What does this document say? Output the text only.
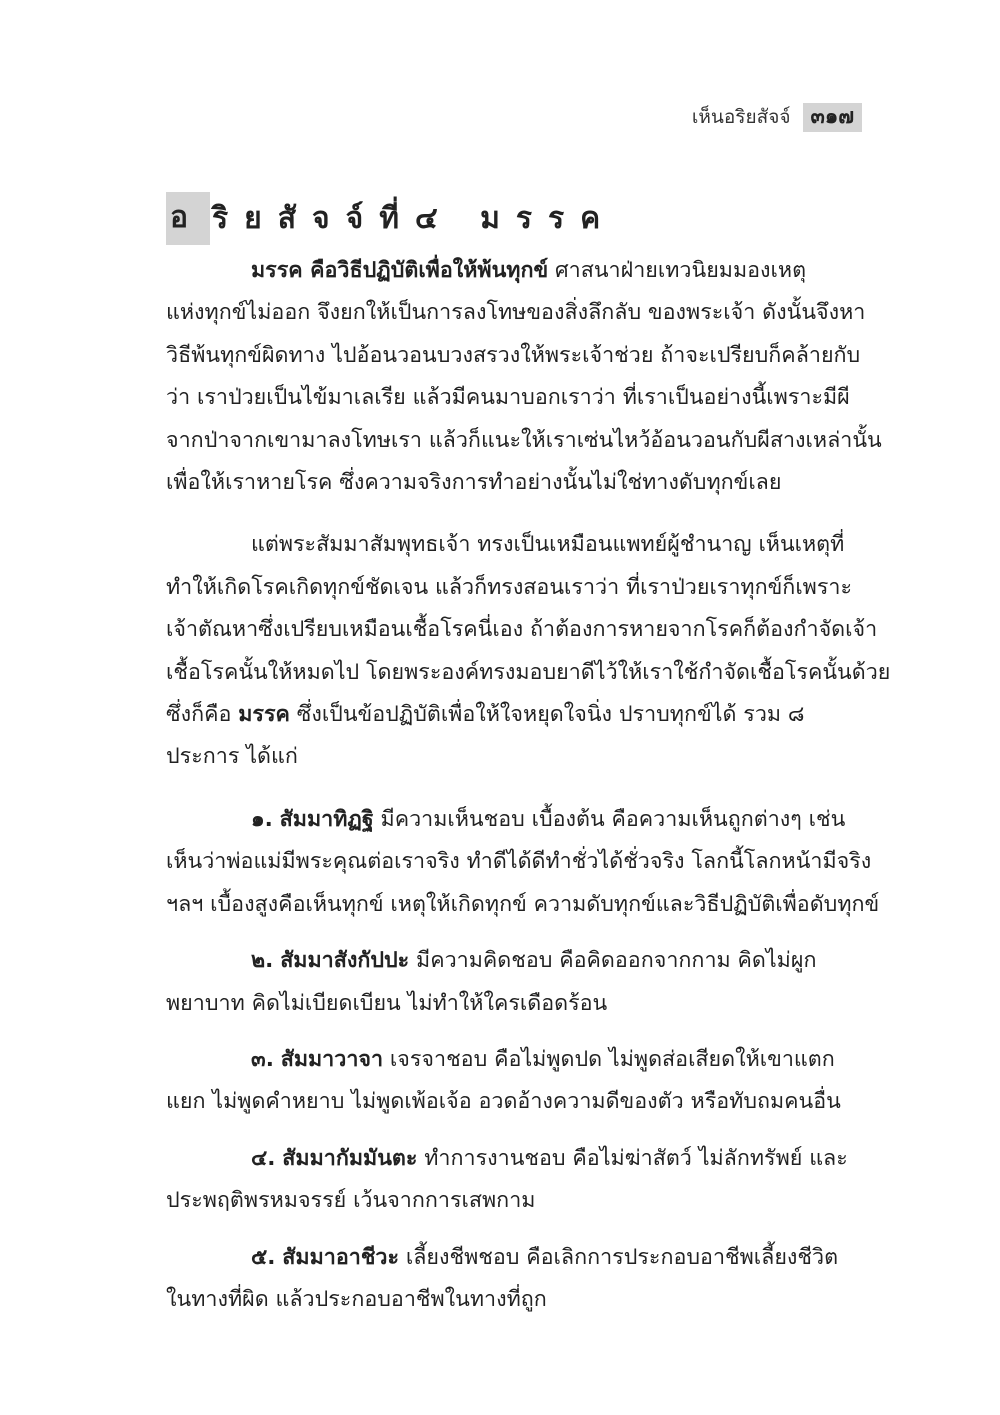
เห็นอริยสัจจ์ ๓๑๗
อ ริยสัจจ์ที่๔ มรรค

มรรค คือวิธีปฏิบัติเพื่อให้พ้นทุกข์ ศาสนาฝ่ายเทวนิยมมองเหตุ
แห่งทุกข์ไม่ออก จึงยกให้เป็นการลงโทษของสิ่งลึกลับ ของพระเจ้า ดังนั้นจึงหา
วิธีพ้นทุกข์ผิดทาง ไปอ้อนวอนบวงสรวงให้พระเจ้าช่วย ถ้าจะเปรียบก็คล้ายกับ
ว่า เราป่วยเป็นไข้มาเลเรีย แล้วมีคนมาบอกเราว่า ที่เราเป็นอย่างนี้เพราะมีผี
จากป่าจากเขามาลงโทษเรา แล้วก็แนะให้เราเซ่นไหว้อ้อนวอนกับผีสางเหล่านั้น
เพื่อให้เราหายโรค ซึ่งความจริงการทำอย่างนั้นไม่ใช่ทางดับทุกข์เลย

แต่พระสัมมาสัมพุทธเจ้า ทรงเป็นเหมือนแพทย์ผู้ชำนาญ เห็นเหตุที่
ทำให้เกิดโรคเกิดทุกข์ชัดเจน แล้วก็ทรงสอนเราว่า ที่เราป่วยเราทุกข์ก็เพราะ
เจ้าตัณหาซึ่งเปรียบเหมือนเชื้อโรคนี่เอง ถ้าต้องการหายจากโรคก็ต้องกำจัดเจ้า
เชื้อโรคนั้นให้หมดไป โดยพระองค์ทรงมอบยาดีไว้ให้เราใช้กำจัดเชื้อโรคนั้นด้วย
ซึ่งก็คือ มรรค ซึ่งเป็นข้อปฏิบัติเพื่อให้ใจหยุดใจนิ่ง ปราบทุกข์ได้ รวม ๘
ประการ ได้แก่

๑. สัมมาทิฏฐิ มีความเห็นชอบ เบื้องต้น คือความเห็นถูกต่างๆ เช่น
เห็นว่าพ่อแม่มีพระคุณต่อเราจริง ทำดีได้ดีทำชั่วได้ชั่วจริง โลกนี้โลกหน้ามีจริง
ฯลฯ เบื้องสูงคือเห็นทุกข์ เหตุให้เกิดทุกข์ ความดับทุกข์และวิธีปฏิบัติเพื่อดับทุกข์

๒. สัมมาสังกัปปะ มีความคิดชอบ คือคิดออกจากกาม คิดไม่ผูก
พยาบาท คิดไม่เบียดเบียน ไม่ทำให้ใครเดือดร้อน

๓. สัมมาวาจา เจรจาชอบ คือไม่พูดปด ไม่พูดส่อเสียดให้เขาแตก
แยก ไม่พูดคำหยาบ ไม่พูดเพ้อเจ้อ อวดอ้างความดีของตัว หรือทับถมคนอื่น

๔. สัมมากัมมันตะ ทำการงานชอบ คือไม่ฆ่าสัตว์ ไม่ลักทรัพย์ และ
ประพฤติพรหมจรรย์ เว้นจากการเสพกาม

๕. สัมมาอาชีวะ เลี้ยงชีพชอบ คือเลิกการประกอบอาชีพเลี้ยงชีวิต
ในทางที่ผิด แล้วประกอบอาชีพในทางที่ถูก
